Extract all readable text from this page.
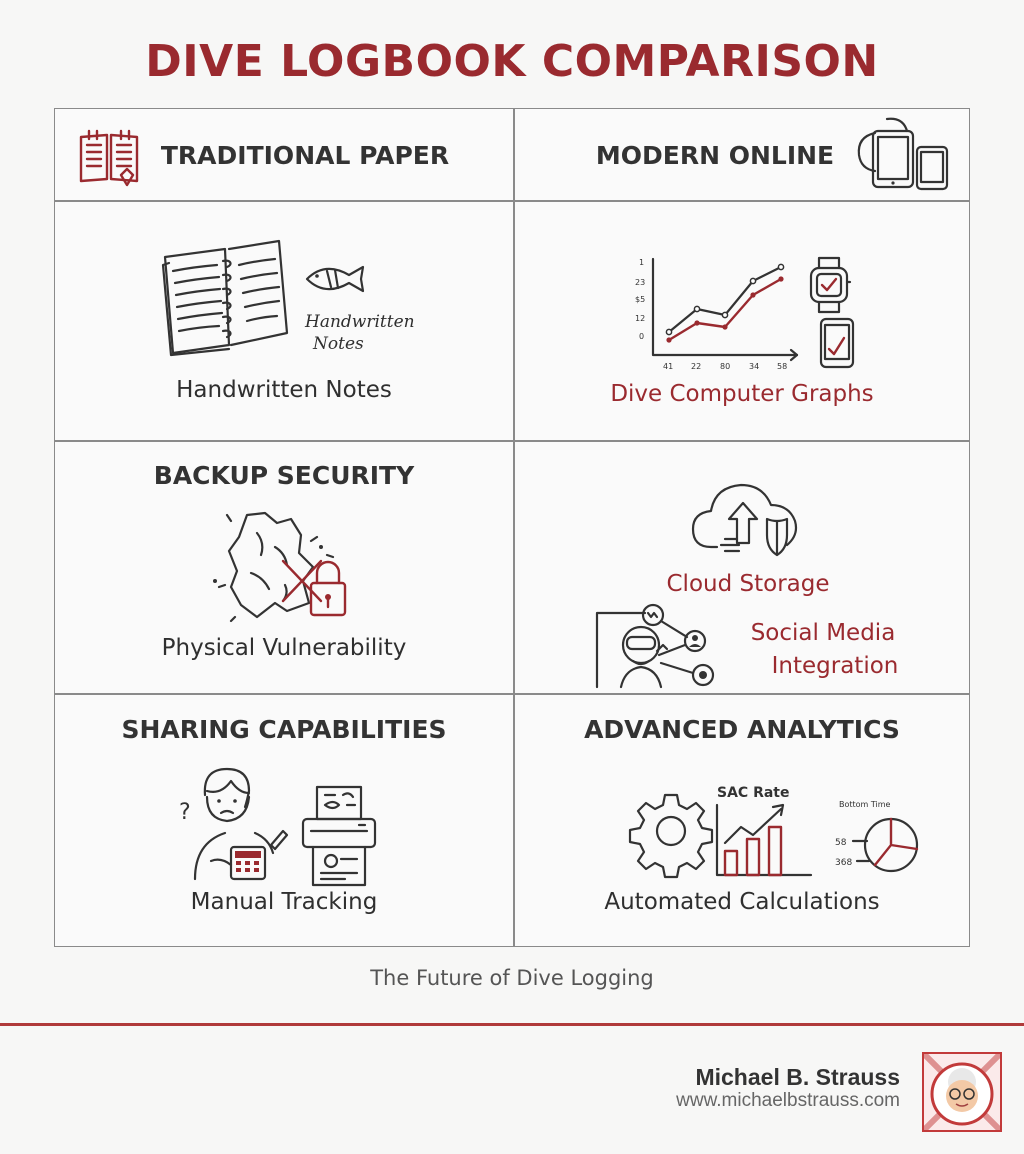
DIVE LOGBOOK COMPARISON
TRADITIONAL PAPER	MODERN ONLINE
Handwritten
Notes
Handwritten Notes
1
23
$5
12
0
41 22 80 34 58
Dive Computer Graphs
BACKUP SECURITY
Physical Vulnerability
Cloud Storage
Social Media
Integration
SHARING CAPABILITIES
?
Manual Tracking
ADVANCED ANALYTICS
SAC Rate
Bottom Time
58
368
Automated Calculations
The Future of Dive Logging
Michael B. Strauss
www.michaelbstrauss.com
